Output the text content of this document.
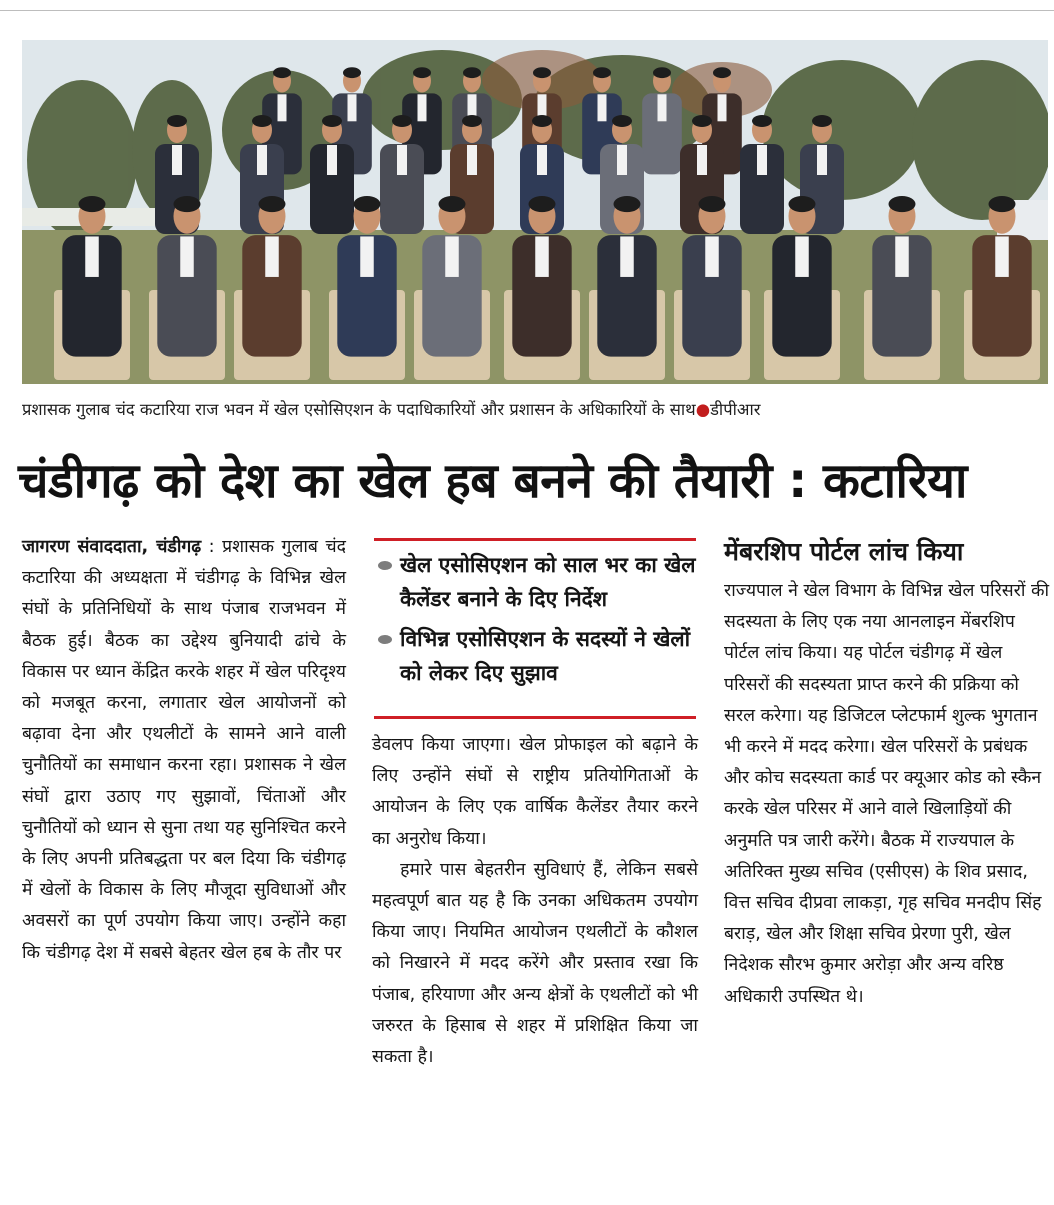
प्रशासक गुलाब चंद कटारिया राज भवन में खेल एसोसिएशन के पदाधिकारियों और प्रशासन के अधिकारियों के साथ●डीपीआर
चंडीगढ़ को देश का खेल हब बनने की तैयारी : कटारिया

जागरण संवाददाता, चंडीगढ़ : प्रशासक गुलाब चंद कटारिया की अध्यक्षता में चंडीगढ़ के विभिन्न खेल संघों के प्रतिनिधियों के साथ पंजाब राजभवन में बैठक हुई। बैठक का उद्देश्य बुनियादी ढांचे के विकास पर ध्यान केंद्रित करके शहर में खेल परिदृश्य को मजबूत करना, लगातार खेल आयोजनों को बढ़ावा देना और एथलीटों के सामने आने वाली चुनौतियों का समाधान करना रहा। प्रशासक ने खेल संघों द्वारा उठाए गए सुझावों, चिंताओं और चुनौतियों को ध्यान से सुना तथा यह सुनिश्चित करने के लिए अपनी प्रतिबद्धता पर बल दिया कि चंडीगढ़ में खेलों के विकास के लिए मौजूदा सुविधाओं और अवसरों का पूर्ण उपयोग किया जाए। उन्होंने कहा कि चंडीगढ़ देश में सबसे बेहतर खेल हब के तौर पर

खेल एसोसिएशन को साल भर का खेल कैलेंडर बनाने के दिए निर्देश
विभिन्न एसोसिएशन के सदस्यों ने खेलों को लेकर दिए सुझाव

डेवलप किया जाएगा। खेल प्रोफाइल को बढ़ाने के लिए उन्होंने संघों से राष्ट्रीय प्रतियोगिताओं के आयोजन के लिए एक वार्षिक कैलेंडर तैयार करने का अनुरोध किया।

हमारे पास बेहतरीन सुविधाएं हैं, लेकिन सबसे महत्वपूर्ण बात यह है कि उनका अधिकतम उपयोग किया जाए। नियमित आयोजन एथलीटों के कौशल को निखारने में मदद करेंगे और प्रस्ताव रखा कि पंजाब, हरियाणा और अन्य क्षेत्रों के एथलीटों को भी जरुरत के हिसाब से शहर में प्रशिक्षित किया जा सकता है।

मेंबरशिप पोर्टल लांच किया

राज्यपाल ने खेल विभाग के विभिन्न खेल परिसरों की सदस्यता के लिए एक नया आनलाइन मेंबरशिप पोर्टल लांच किया। यह पोर्टल चंडीगढ़ में खेल परिसरों की सदस्यता प्राप्त करने की प्रक्रिया को सरल करेगा। यह डिजिटल प्लेटफार्म शुल्क भुगतान भी करने में मदद करेगा। खेल परिसरों के प्रबंधक और कोच सदस्यता कार्ड पर क्यूआर कोड को स्कैन करके खेल परिसर में आने वाले खिलाड़ियों की अनुमति पत्र जारी करेंगे। बैठक में राज्यपाल के अतिरिक्त मुख्य सचिव (एसीएस) के शिव प्रसाद, वित्त सचिव दीप्रवा लाकड़ा, गृह सचिव मनदीप सिंह बराड़, खेल और शिक्षा सचिव प्रेरणा पुरी, खेल निदेशक सौरभ कुमार अरोड़ा और अन्य वरिष्ठ अधिकारी उपस्थित थे।
